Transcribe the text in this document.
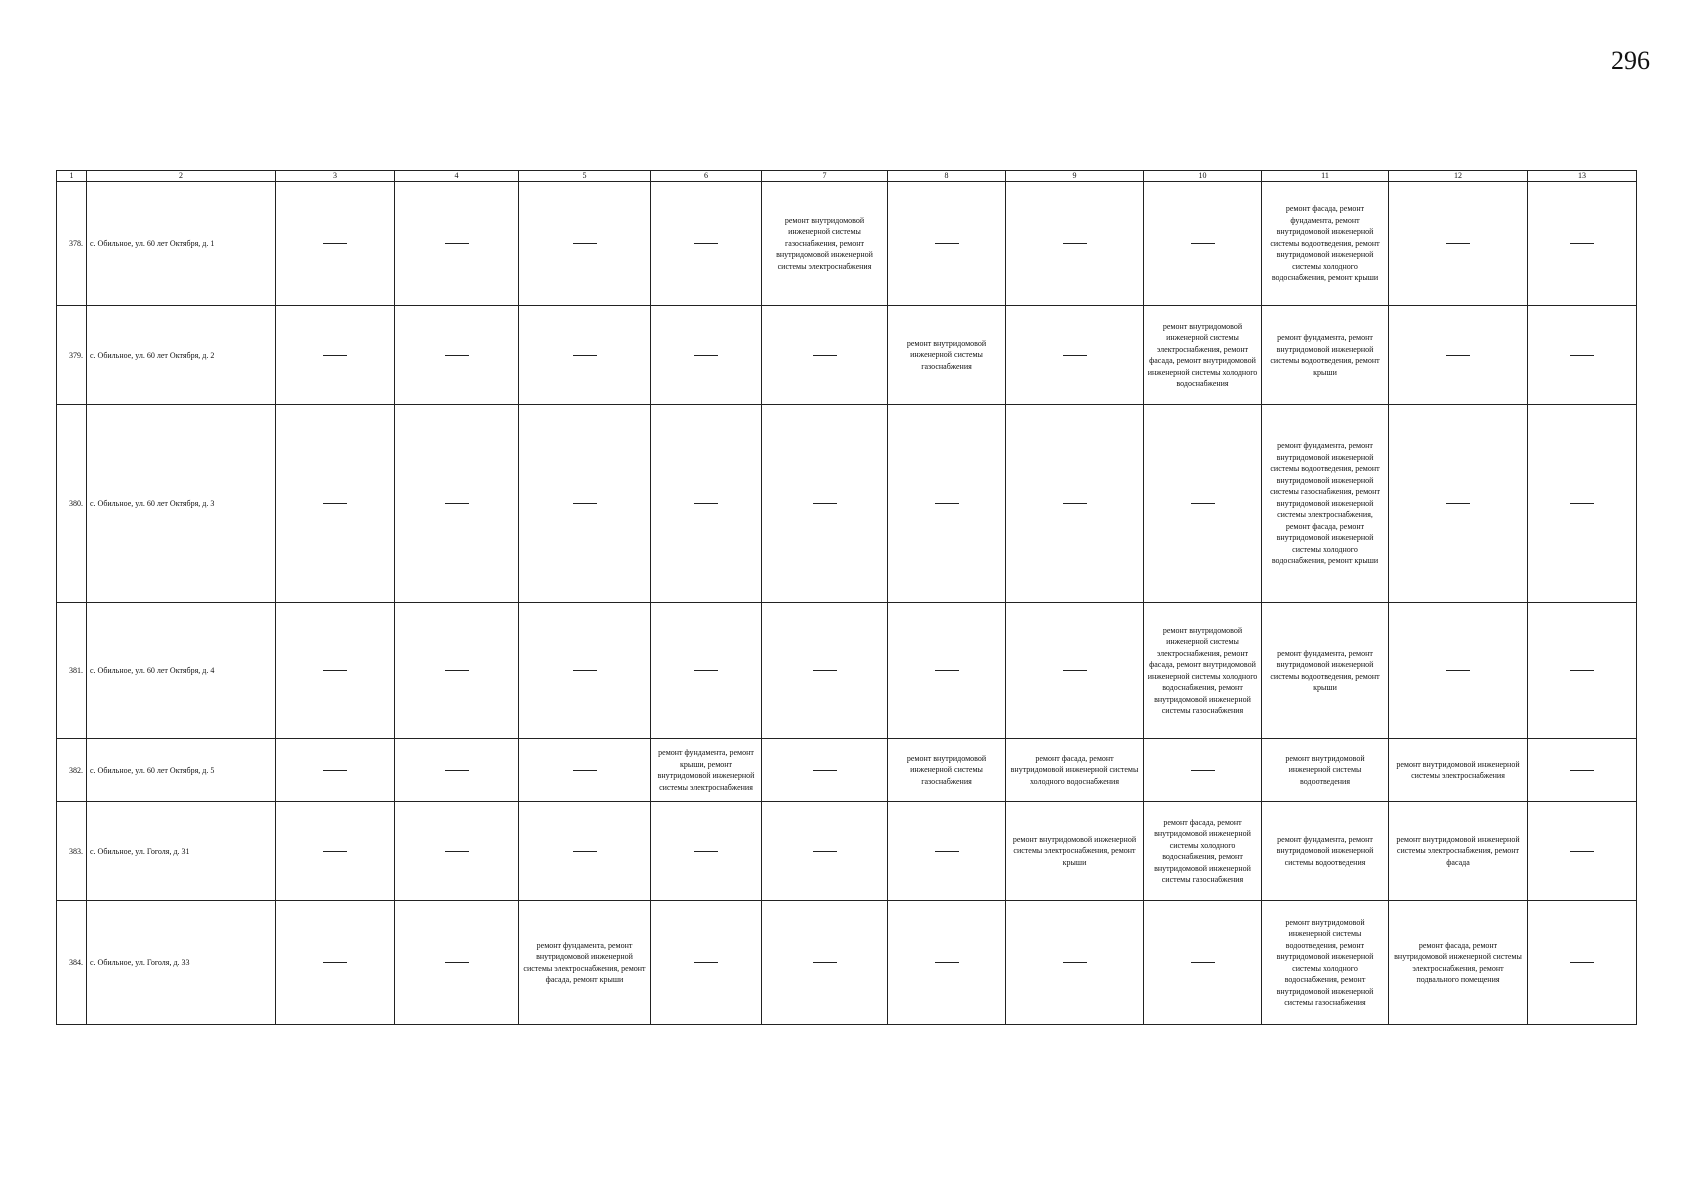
296
1	2	3	4	5	6	7	8	9	10	11	12	13
378.	с. Обильное, ул. 60 лет Октября, д. 1					ремонт внутридомовой инженерной системы газоснабжения, ремонт внутридомовой инженерной системы электроснабжения				ремонт фасада, ремонт фундамента, ремонт внутридомовой инженерной системы водоотведения, ремонт внутридомовой инженерной системы холодного водоснабжения, ремонт крыши		
379.	с. Обильное, ул. 60 лет Октября, д. 2						ремонт внутридомовой инженерной системы газоснабжения		ремонт внутридомовой инженерной системы электроснабжения, ремонт фасада, ремонт внутридомовой инженерной системы холодного водоснабжения	ремонт фундамента, ремонт внутридомовой инженерной системы водоотведения, ремонт крыши		
380.	с. Обильное, ул. 60 лет Октября, д. 3									ремонт фундамента, ремонт внутридомовой инженерной системы водоотведения, ремонт внутридомовой инженерной системы газоснабжения, ремонт внутридомовой инженерной системы электроснабжения, ремонт фасада, ремонт внутридомовой инженерной системы холодного водоснабжения, ремонт крыши		
381.	с. Обильное, ул. 60 лет Октября, д. 4								ремонт внутридомовой инженерной системы электроснабжения, ремонт фасада, ремонт внутридомовой инженерной системы холодного водоснабжения, ремонт внутридомовой инженерной системы газоснабжения	ремонт фундамента, ремонт внутридомовой инженерной системы водоотведения, ремонт крыши		
382.	с. Обильное, ул. 60 лет Октября, д. 5				ремонт фундамента, ремонт крыши, ремонт внутридомовой инженерной системы электроснабжения		ремонт внутридомовой инженерной системы газоснабжения	ремонт фасада, ремонт внутридомовой инженерной системы холодного водоснабжения		ремонт внутридомовой инженерной системы водоотведения	ремонт внутридомовой инженерной системы электроснабжения	
383.	с. Обильное, ул. Гоголя, д. 31							ремонт внутридомовой инженерной системы электроснабжения, ремонт крыши	ремонт фасада, ремонт внутридомовой инженерной системы холодного водоснабжения, ремонт внутридомовой инженерной системы газоснабжения	ремонт фундамента, ремонт внутридомовой инженерной системы водоотведения	ремонт внутридомовой инженерной системы электроснабжения, ремонт фасада	
384.	с. Обильное, ул. Гоголя, д. 33			ремонт фундамента, ремонт внутридомовой инженерной системы электроснабжения, ремонт фасада, ремонт крыши						ремонт внутридомовой инженерной системы водоотведения, ремонт внутридомовой инженерной системы холодного водоснабжения, ремонт внутридомовой инженерной системы газоснабжения	ремонт фасада, ремонт внутридомовой инженерной системы электроснабжения, ремонт подвального помещения	
